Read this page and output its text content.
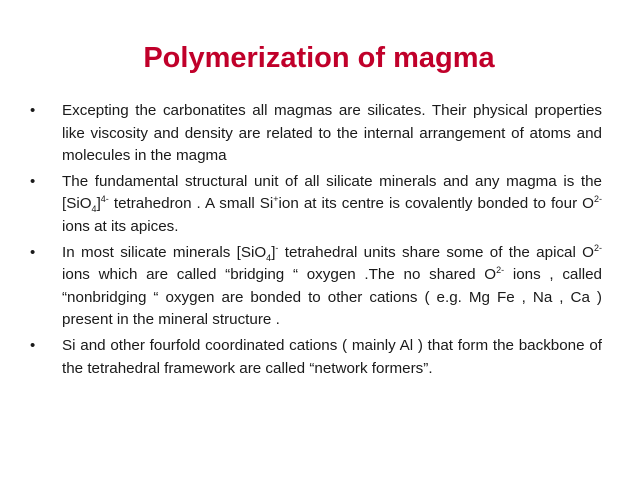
Polymerization of magma
•	Excepting the carbonatites all magmas are silicates. Their physical properties like viscosity and density are related to the internal arrangement of atoms and molecules in the magma
•	The fundamental structural unit of all silicate minerals and any magma is the $[SiO_4]^{4-}$ tetrahedron . A small Si+ion at its centre is covalently bonded to four $O^{2-}$ ions at its apices.
•	In most silicate minerals [SiO$_4$]- tetrahedral units share some of the apical $O^{2-}$ ions which are called “bridging “ oxygen .The no shared $O^{2-}$ ions , called “nonbridging “ oxygen are bonded to other cations ( e.g. Mg Fe , Na , Ca ) present in the mineral structure .
•	Si and other fourfold coordinated cations ( mainly Al ) that form the backbone of the tetrahedral framework are called “network formers”.
